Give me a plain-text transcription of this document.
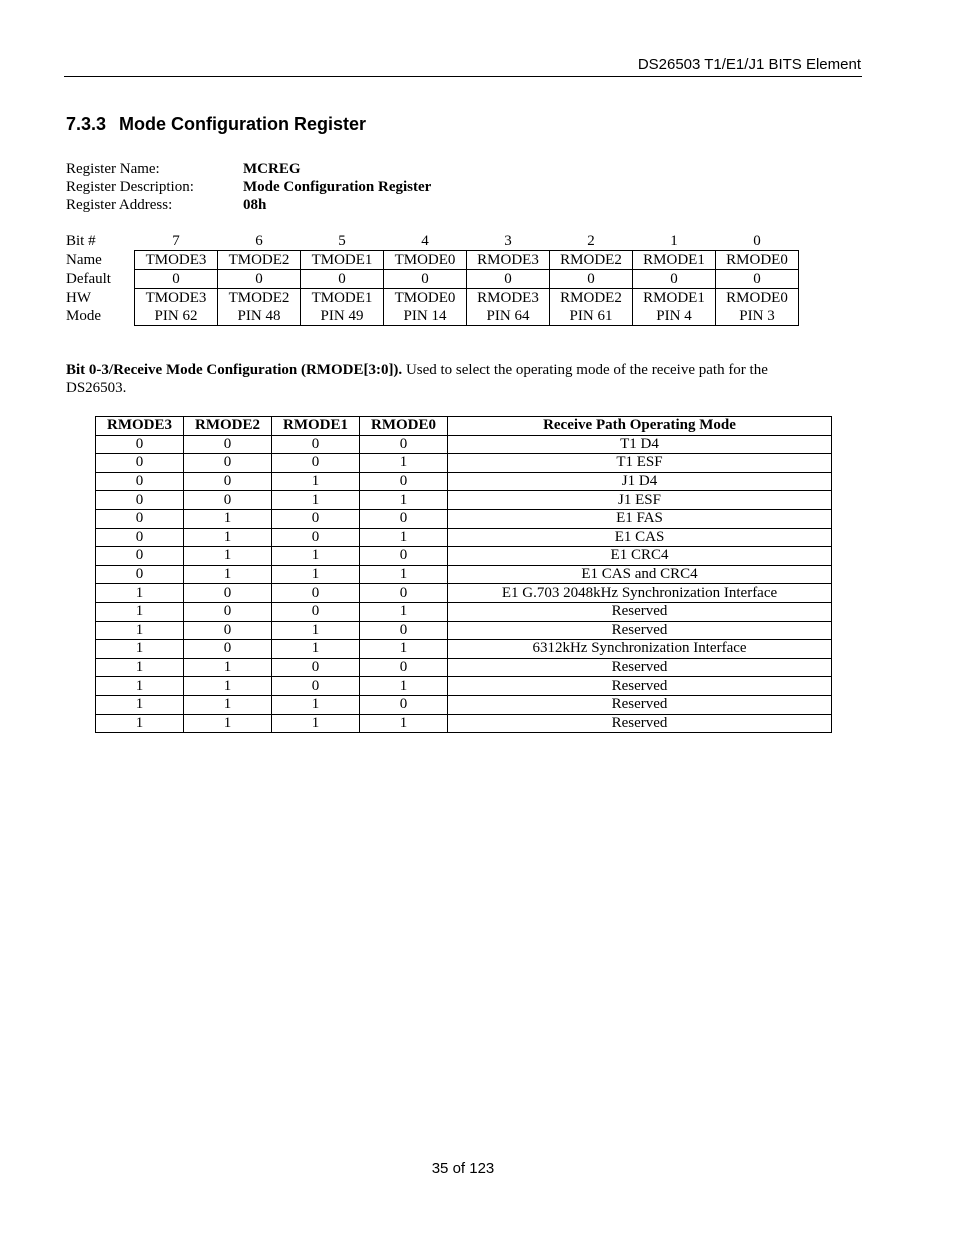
DS26503 T1/E1/J1 BITS Element
7.3.3 Mode Configuration Register
Register Name:	MCREG
Register Description:	Mode Configuration Register
Register Address:	08h
Bit #	7	6	5	4	3	2	1	0
Name	TMODE3	TMODE2	TMODE1	TMODE0	RMODE3	RMODE2	RMODE1	RMODE0
Default	0	0	0	0	0	0	0	0
HW	TMODE3	TMODE2	TMODE1	TMODE0	RMODE3	RMODE2	RMODE1	RMODE0
Mode	PIN 62	PIN 48	PIN 49	PIN 14	PIN 64	PIN 61	PIN 4	PIN 3
Bit 0-3/Receive Mode Configuration (RMODE[3:0]). Used to select the operating mode of the receive path for the DS26503.
RMODE3	RMODE2	RMODE1	RMODE0	Receive Path Operating Mode
0	0	0	0	T1 D4
0	0	0	1	T1 ESF
0	0	1	0	J1 D4
0	0	1	1	J1 ESF
0	1	0	0	E1 FAS
0	1	0	1	E1 CAS
0	1	1	0	E1 CRC4
0	1	1	1	E1 CAS and CRC4
1	0	0	0	E1 G.703 2048kHz Synchronization Interface
1	0	0	1	Reserved
1	0	1	0	Reserved
1	0	1	1	6312kHz Synchronization Interface
1	1	0	0	Reserved
1	1	0	1	Reserved
1	1	1	0	Reserved
1	1	1	1	Reserved
35 of 123
